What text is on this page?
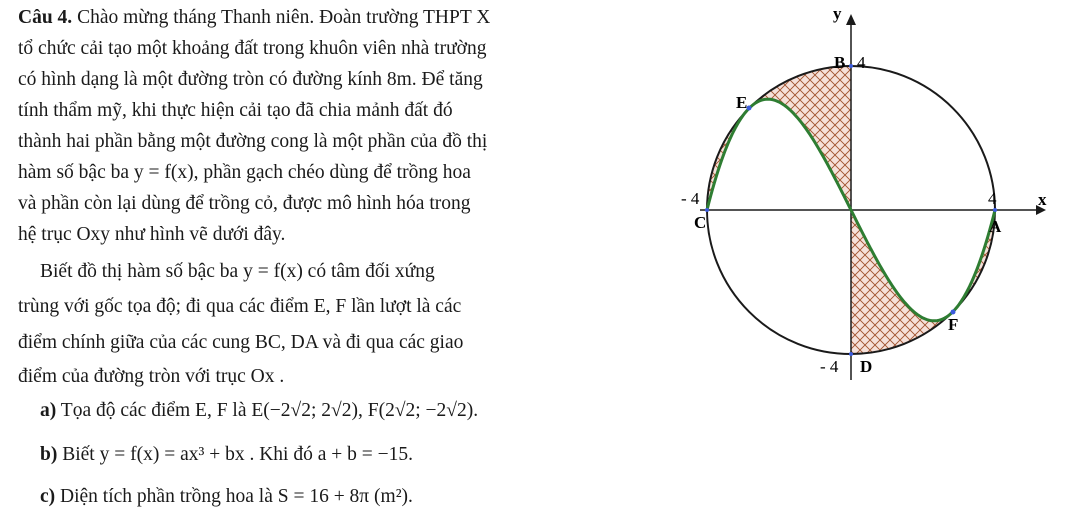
Câu 4. Chào mừng tháng Thanh niên. Đoàn trường THPT X
tổ chức cải tạo một khoảng đất trong khuôn viên nhà trường
có hình dạng là một đường tròn có đường kính 8m. Để tăng
tính thẩm mỹ, khi thực hiện cải tạo đã chia mảnh đất đó
thành hai phần bằng một đường cong là một phần của đồ thị
hàm số bậc ba y = f(x), phần gạch chéo dùng để trồng hoa
và phần còn lại dùng để trồng cỏ, được mô hình hóa trong
hệ trục Oxy như hình vẽ dưới đây.
Biết đồ thị hàm số bậc ba y = f(x) có tâm đối xứng
trùng với gốc tọa độ; đi qua các điểm E, F lần lượt là các
điểm chính giữa của các cung BC, DA và đi qua các giao
điểm của đường tròn với trục Ox .
a) Tọa độ các điểm E, F là E(−2√2; 2√2), F(2√2; −2√2).
b) Biết y = f(x) = ax³ + bx . Khi đó a + b = −15.
c) Diện tích phần trồng hoa là S = 16 + 8π (m²).
y
x
4
B
E
- 4
C
4
A
F
- 4 D
